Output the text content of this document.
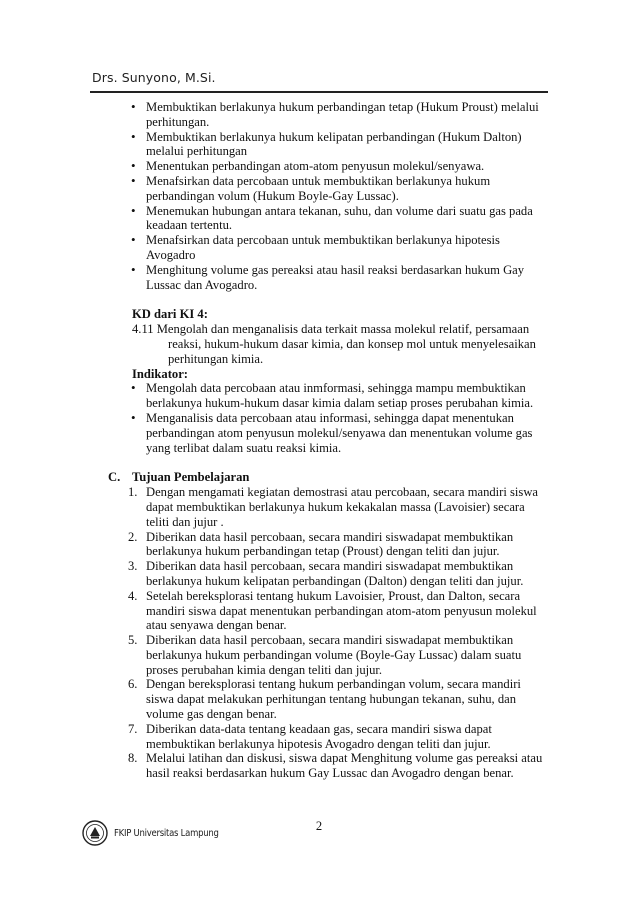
Drs. Sunyono, M.Si.
• Membuktikan berlakunya hukum perbandingan tetap (Hukum Proust) melalui perhitungan.
• Membuktikan berlakunya hukum kelipatan perbandingan (Hukum Dalton) melalui perhitungan
• Menentukan perbandingan atom-atom penyusun molekul/senyawa.
• Menafsirkan data percobaan untuk membuktikan berlakunya hukum perbandingan volum (Hukum Boyle-Gay Lussac).
• Menemukan hubungan antara tekanan, suhu, dan volume dari suatu gas pada keadaan tertentu.
• Menafsirkan data percobaan untuk membuktikan berlakunya hipotesis Avogadro
• Menghitung volume gas pereaksi atau hasil reaksi berdasarkan hukum Gay Lussac dan Avogadro.
KD dari KI 4:
4.11 Mengolah dan menganalisis data terkait massa molekul relatif, persamaan reaksi, hukum-hukum dasar kimia, dan konsep mol untuk menyelesaikan perhitungan kimia.
Indikator:
• Mengolah data percobaan atau inmformasi, sehingga mampu membuktikan berlakunya hukum-hukum dasar kimia dalam setiap proses perubahan kimia.
• Menganalisis data percobaan atau informasi, sehingga dapat menentukan perbandingan atom penyusun molekul/senyawa dan menentukan volume gas yang terlibat dalam suatu reaksi kimia.
C. Tujuan Pembelajaran
1. Dengan mengamati kegiatan demostrasi atau percobaan, secara mandiri siswa dapat membuktikan berlakunya hukum kekakalan massa (Lavoisier) secara teliti dan jujur .
2. Diberikan data hasil percobaan, secara mandiri siswadapat membuktikan berlakunya hukum perbandingan tetap (Proust) dengan teliti dan jujur.
3. Diberikan data hasil percobaan, secara mandiri siswadapat membuktikan berlakunya hukum kelipatan perbandingan (Dalton) dengan teliti dan jujur.
4. Setelah bereksplorasi tentang hukum Lavoisier, Proust, dan Dalton, secara mandiri siswa dapat menentukan perbandingan atom-atom penyusun molekul atau senyawa dengan benar.
5. Diberikan data hasil percobaan, secara mandiri siswadapat membuktikan berlakunya hukum perbandingan volume (Boyle-Gay Lussac) dalam suatu proses perubahan kimia dengan teliti dan jujur.
6. Dengan bereksplorasi tentang hukum perbandingan volum, secara mandiri siswa dapat melakukan perhitungan tentang hubungan tekanan, suhu, dan volume gas dengan benar.
7. Diberikan data-data tentang keadaan gas, secara mandiri siswa dapat membuktikan berlakunya hipotesis Avogadro dengan teliti dan jujur.
8. Melalui latihan dan diskusi, siswa dapat Menghitung volume gas pereaksi atau hasil reaksi berdasarkan hukum Gay Lussac dan Avogadro dengan benar.
2
FKIP Universitas Lampung
